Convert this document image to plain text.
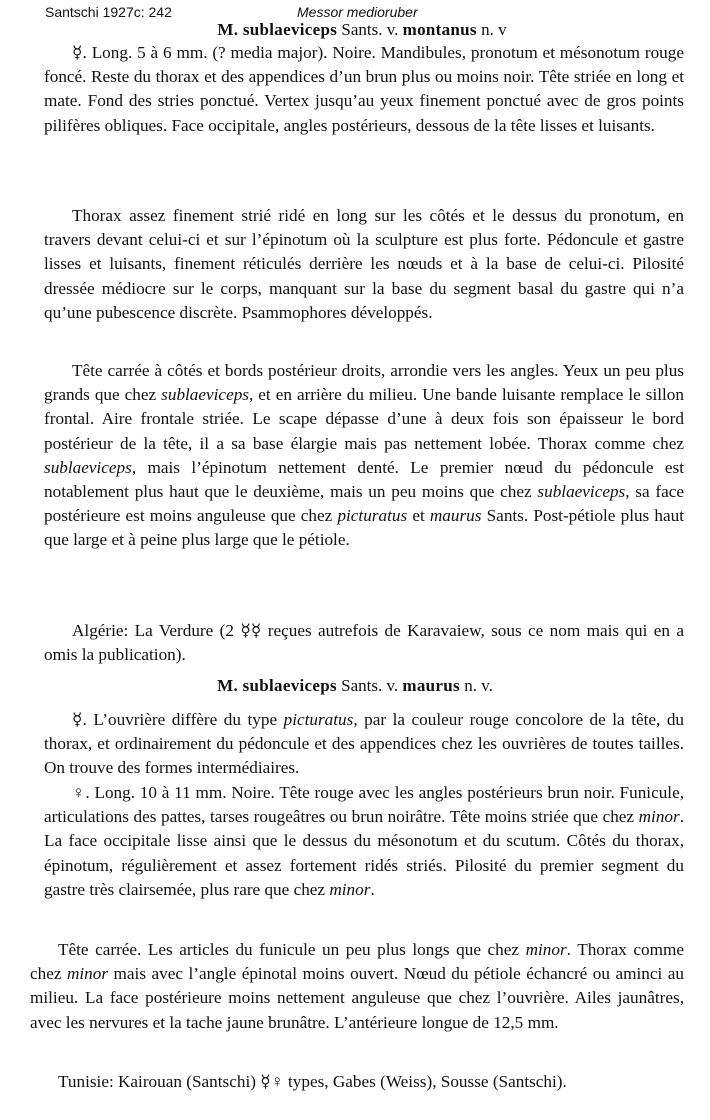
Santschi 1927c: 242	Messor medioruber
M. sublaeviceps Sants. v. montanus n. v

☿. Long. 5 à 6 mm. (? media major). Noire. Mandibules, pronotum et mésonotum rouge foncé. Reste du thorax et des appendices d’un brun plus ou moins noir. Tête striée en long et mate. Fond des stries ponctué. Vertex jusqu’au yeux finement ponctué avec de gros points pilifères obliques. Face occipitale, angles postérieurs, dessous de la tête lisses et luisants.

Thorax assez finement strié ridé en long sur les côtés et le dessus du pronotum, en travers devant celui-ci et sur l’épinotum où la sculpture est plus forte. Pédoncule et gastre lisses et luisants, finement réticulés derrière les nœuds et à la base de celui-ci. Pilosité dressée médiocre sur le corps, manquant sur la base du segment basal du gastre qui n’a qu’une pubescence discrète. Psammophores développés.

Tête carrée à côtés et bords postérieur droits, arrondie vers les angles. Yeux un peu plus grands que chez sublaeviceps, et en arrière du milieu. Une bande luisante remplace le sillon frontal. Aire frontale striée. Le scape dépasse d’une à deux fois son épaisseur le bord postérieur de la tête, il a sa base élargie mais pas nettement lobée. Thorax comme chez sublaeviceps, mais l’épinotum nettement denté. Le premier nœud du pédoncule est notablement plus haut que le deuxième, mais un peu moins que chez sublaeviceps, sa face postérieure est moins anguleuse que chez picturatus et maurus Sants. Post-pétiole plus haut que large et à peine plus large que le pétiole.

Algérie: La Verdure (2 ☿☿ reçues autrefois de Karavaiew, sous ce nom mais qui en a omis la publication).

M. sublaeviceps Sants. v. maurus n. v.

☿. L’ouvrière diffère du type picturatus, par la couleur rouge concolore de la tête, du thorax, et ordinairement du pédoncule et des appendices chez les ouvrières de toutes tailles. On trouve des formes intermédiaires.

♀. Long. 10 à 11 mm. Noire. Tête rouge avec les angles postérieurs brun noir. Funicule, articulations des pattes, tarses rougeâtres ou brun noirâtre. Tête moins striée que chez minor. La face occipitale lisse ainsi que le dessus du mésonotum et du scutum. Côtés du thorax, épinotum, régulièrement et assez fortement ridés striés. Pilosité du premier segment du gastre très clairsemée, plus rare que chez minor.

Tête carrée. Les articles du funicule un peu plus longs que chez minor. Thorax comme chez minor mais avec l’angle épinotal moins ouvert. Nœud du pétiole échancré ou aminci au milieu. La face postérieure moins nettement anguleuse que chez l’ouvrière. Ailes jaunâtres, avec les nervures et la tache jaune brunâtre. L’antérieure longue de 12,5 mm.

Tunisie: Kairouan (Santschi) ☿♀ types, Gabes (Weiss), Sousse (Santschi).
